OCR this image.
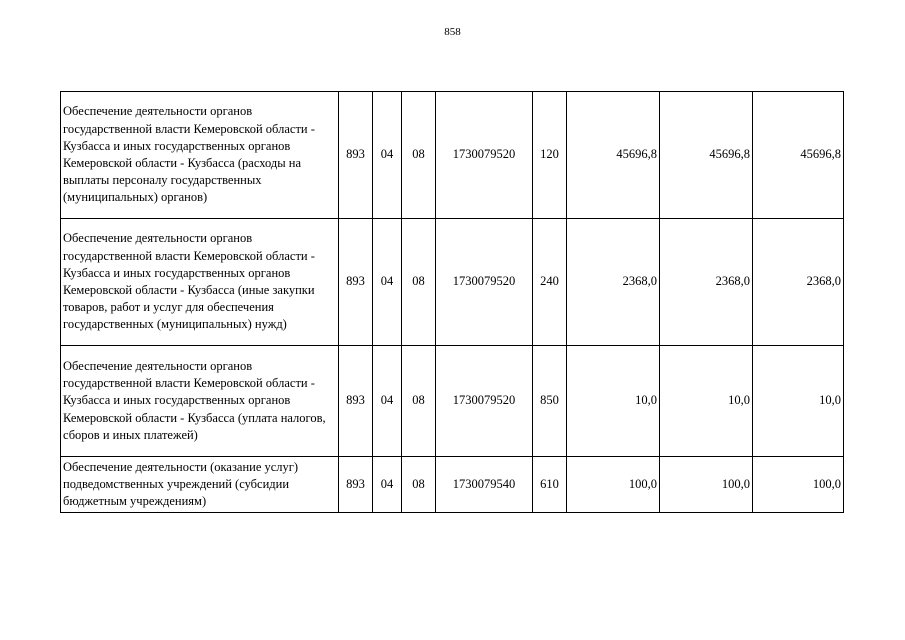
858
Обеспечение деятельности органов государственной власти Кемеровской области - Кузбасса и иных государственных органов Кемеровской области - Кузбасса (расходы на выплаты персоналу государственных (муниципальных) органов)	893	04	08	1730079520	120	45696,8	45696,8	45696,8
Обеспечение деятельности органов государственной власти Кемеровской области - Кузбасса и иных государственных органов Кемеровской области - Кузбасса (иные закупки товаров, работ и услуг для обеспечения государственных (муниципальных) нужд)	893	04	08	1730079520	240	2368,0	2368,0	2368,0
Обеспечение деятельности органов государственной власти Кемеровской области - Кузбасса и иных государственных органов Кемеровской области - Кузбасса (уплата налогов, сборов и иных платежей)	893	04	08	1730079520	850	10,0	10,0	10,0
Обеспечение деятельности (оказание услуг) подведомственных учреждений (субсидии бюджетным учреждениям)	893	04	08	1730079540	610	100,0	100,0	100,0
